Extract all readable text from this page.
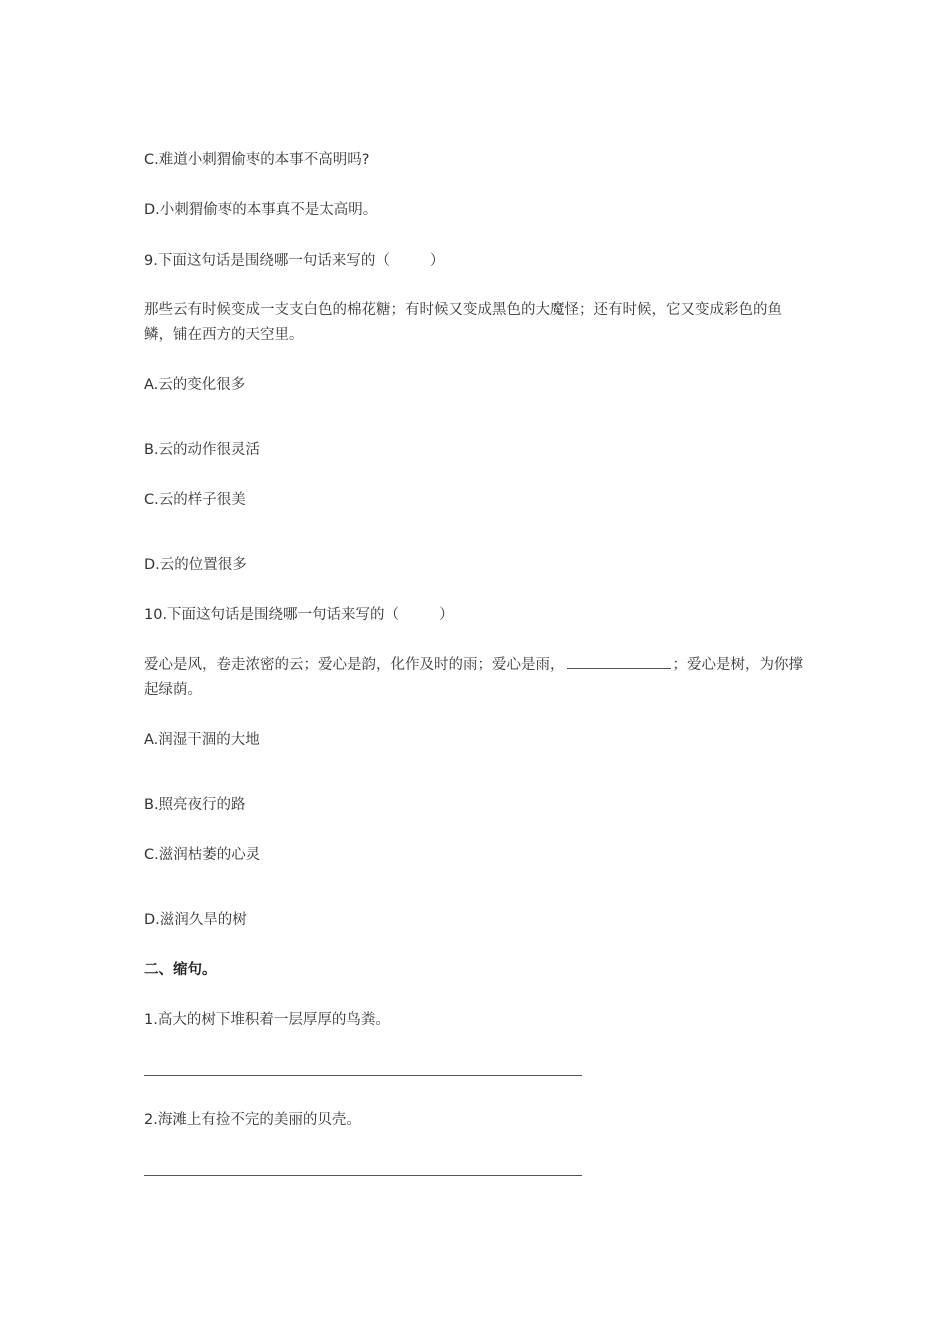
C.难道小刺猬偷枣的本事不高明吗?
D.小刺猬偷枣的本事真不是太高明。
9.下面这句话是围绕哪一句话来写的（	）
那些云有时候变成一支支白色的棉花糖；有时候又变成黑色的大魔怪；还有时候，它又变成彩色的鱼鳞，铺在西方的天空里。
A.云的变化很多
B.云的动作很灵活
C.云的样子很美
D.云的位置很多
10.下面这句话是围绕哪一句话来写的（	）
爱心是风，卷走浓密的云；爱心是韵，化作及时的雨；爱心是雨，	；爱心是树，为你撑起绿荫。
A.润湿干涸的大地
B.照亮夜行的路
C.滋润枯萎的心灵
D.滋润久旱的树
二、缩句。
1.高大的树下堆积着一层厚厚的鸟粪。
2.海滩上有捡不完的美丽的贝壳。
